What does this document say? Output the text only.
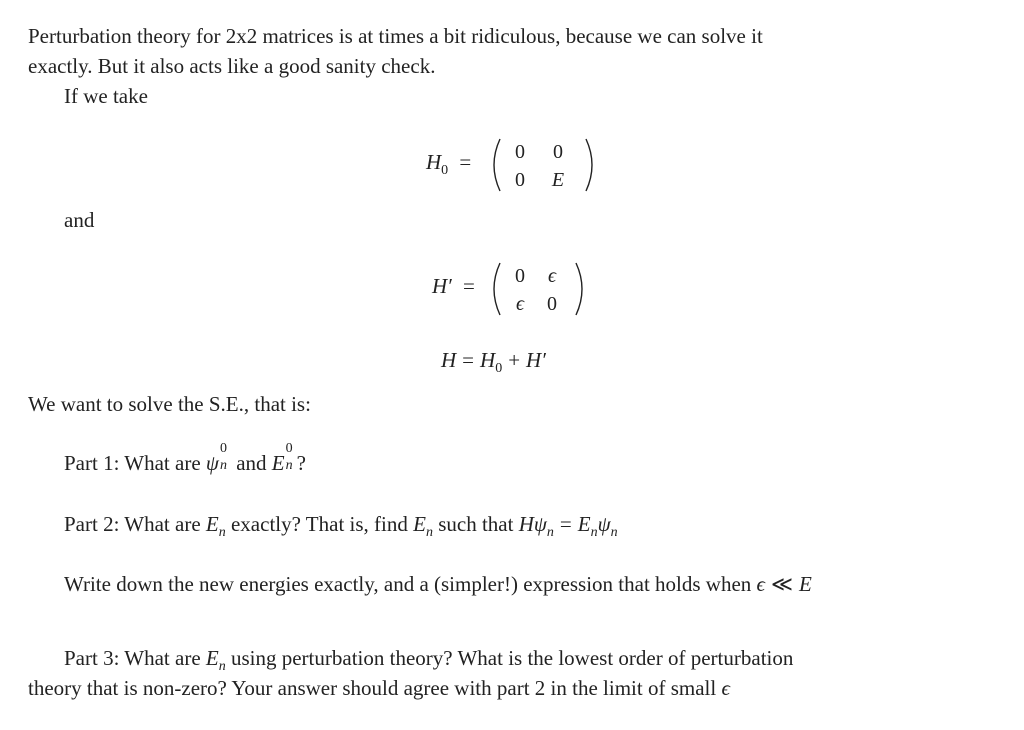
Perturbation theory for 2x2 matrices is at times a bit ridiculous, because we can solve it
exactly. But it also acts like a good sanity check.
If we take
$H_0$ =	0 0
0 E
and
H′ =	0 ϵ
ϵ 0
$H = H_0 + H'$
We want to solve the S.E., that is:
Part 1: What are ψ
0
n and E
0
n ?
Part 2: What are $E_n$ exactly? That is, find $E_n$ such that $H\psi_n = E_n\psi_n$
Write down the new energies exactly, and a (simpler!) expression that holds when ϵ ≪ E
Part 3: What are $E_n$ using perturbation theory? What is the lowest order of perturbation
theory that is non-zero? Your answer should agree with part 2 in the limit of small ϵ
